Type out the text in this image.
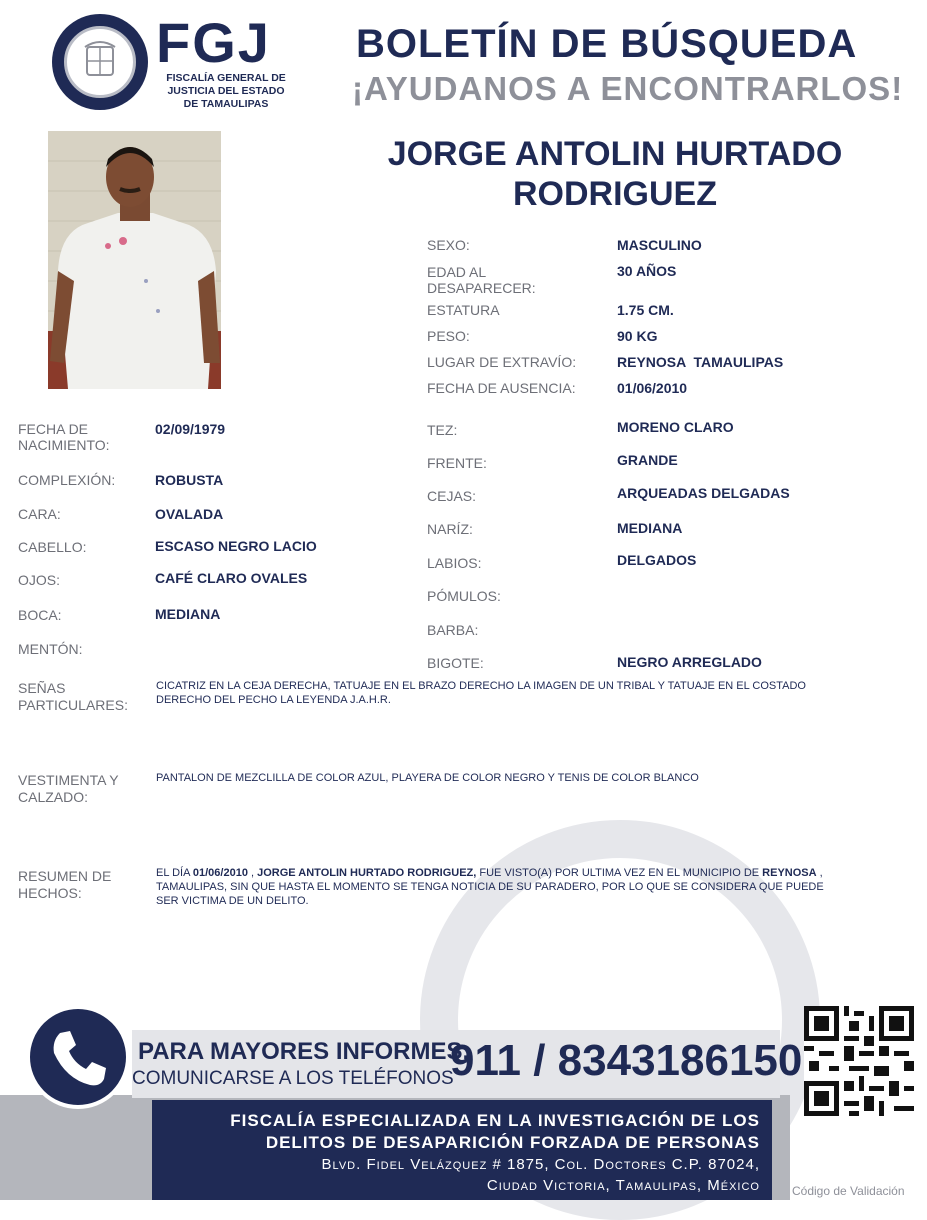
FGJ
FISCALÍA GENERAL DE
JUSTICIA DEL ESTADO
DE TAMAULIPAS
BOLETÍN DE BÚSQUEDA
¡AYUDANOS A ENCONTRARLOS!
JORGE ANTOLIN HURTADO
RODRIGUEZ
SEXO:	MASCULINO
EDAD AL DESAPARECER:
30 AÑOS
ESTATURA	1.75 CM.
PESO:	90 KG
LUGAR DE EXTRAVÍO:	REYNOSA  TAMAULIPAS
FECHA DE AUSENCIA:	01/06/2010
FECHA DE NACIMIENTO:
02/09/1979
COMPLEXIÓN:	ROBUSTA
CARA:	OVALADA
CABELLO:	ESCASO NEGRO LACIO
OJOS:	CAFÉ CLARO OVALES
BOCA:	MEDIANA
MENTÓN:
TEZ:	MORENO CLARO
FRENTE:	GRANDE
CEJAS:	ARQUEADAS DELGADAS
NARÍZ:	MEDIANA
LABIOS:	DELGADOS
PÓMULOS:
BARBA:
BIGOTE:	NEGRO ARREGLADO
SEÑAS PARTICULARES:
CICATRIZ EN LA CEJA DERECHA, TATUAJE EN EL BRAZO DERECHO LA IMAGEN DE UN TRIBAL Y TATUAJE EN EL COSTADO DERECHO DEL PECHO LA LEYENDA J.A.H.R.
VESTIMENTA Y CALZADO:
PANTALON DE MEZCLILLA DE COLOR AZUL, PLAYERA DE COLOR NEGRO Y TENIS DE COLOR BLANCO
RESUMEN DE HECHOS:
EL DÍA 01/06/2010 , JORGE ANTOLIN HURTADO RODRIGUEZ, FUE VISTO(A) POR ULTIMA VEZ EN EL MUNICIPIO DE REYNOSA , TAMAULIPAS, SIN QUE HASTA EL MOMENTO SE TENGA NOTICIA DE SU PARADERO, POR LO QUE SE CONSIDERA QUE PUEDE SER VICTIMA DE UN DELITO.
PARA MAYORES INFORMES,
COMUNICARSE A LOS TELÉFONOS
911 / 8343186150
FISCALÍA ESPECIALIZADA EN LA INVESTIGACIÓN DE LOS
DELITOS DE DESAPARICIÓN FORZADA DE PERSONAS
Blvd. Fidel Velázquez # 1875, Col. Doctores C.P. 87024,
Ciudad Victoria, Tamaulipas, México	Código de Validación
